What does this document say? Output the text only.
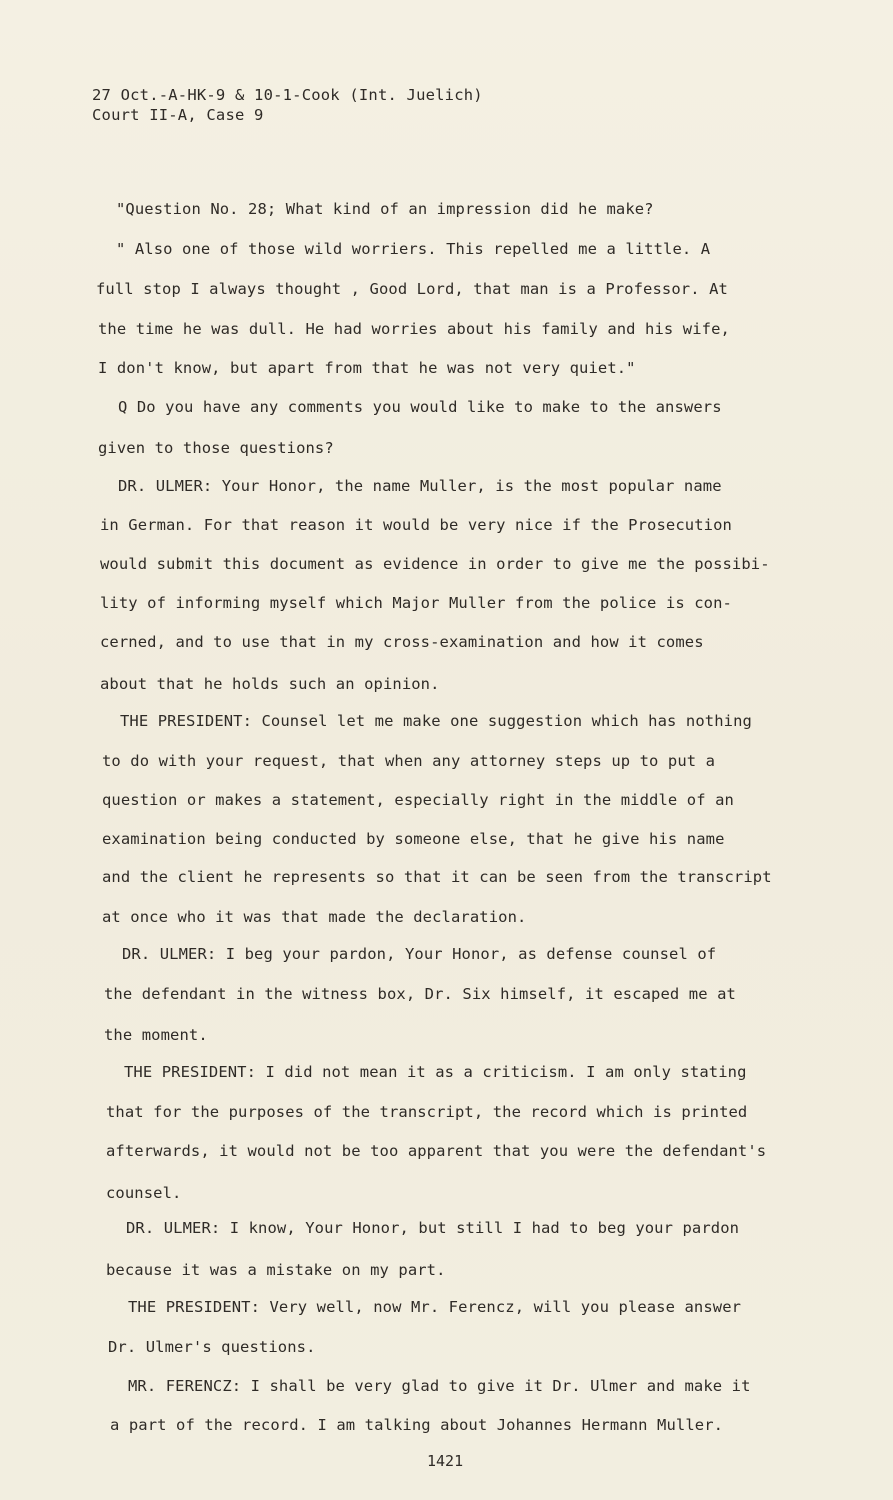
27 Oct.-A-HK-9 & 10-1-Cook (Int. Juelich)
Court II-A, Case 9
"Question No. 28; What kind of an impression did he make?
" Also one of those wild worriers. This repelled me a little. A
full stop I always thought , Good Lord, that man is a Professor. At
the time he was dull. He had worries about his family and his wife,
I don't know, but apart from that he was not very quiet."
Q Do you have any comments you would like to make to the answers
given to those questions?
DR. ULMER: Your Honor, the name Muller, is the most popular name
in German. For that reason it would be very nice if the Prosecution
would submit this document as evidence in order to give me the possibi-
lity of informing myself which Major Muller from the police is con-
cerned, and to use that in my cross-examination and how it comes
about that he holds such an opinion.
THE PRESIDENT: Counsel let me make one suggestion which has nothing
to do with your request, that when any attorney steps up to put a
question or makes a statement, especially right in the middle of an
examination being conducted by someone else, that he give his name
and the client he represents so that it can be seen from the transcript
at once who it was that made the declaration.
DR. ULMER: I beg your pardon, Your Honor, as defense counsel of
the defendant in the witness box, Dr. Six himself, it escaped me at
the moment.
THE PRESIDENT: I did not mean it as a criticism. I am only stating
that for the purposes of the transcript, the record which is printed
afterwards, it would not be too apparent that you were the defendant's
counsel.
DR. ULMER: I know, Your Honor, but still I had to beg your pardon
because it was a mistake on my part.
THE PRESIDENT: Very well, now Mr. Ferencz, will you please answer
Dr. Ulmer's questions.
MR. FERENCZ: I shall be very glad to give it Dr. Ulmer and make it
a part of the record. I am talking about Johannes Hermann Muller.
1421
